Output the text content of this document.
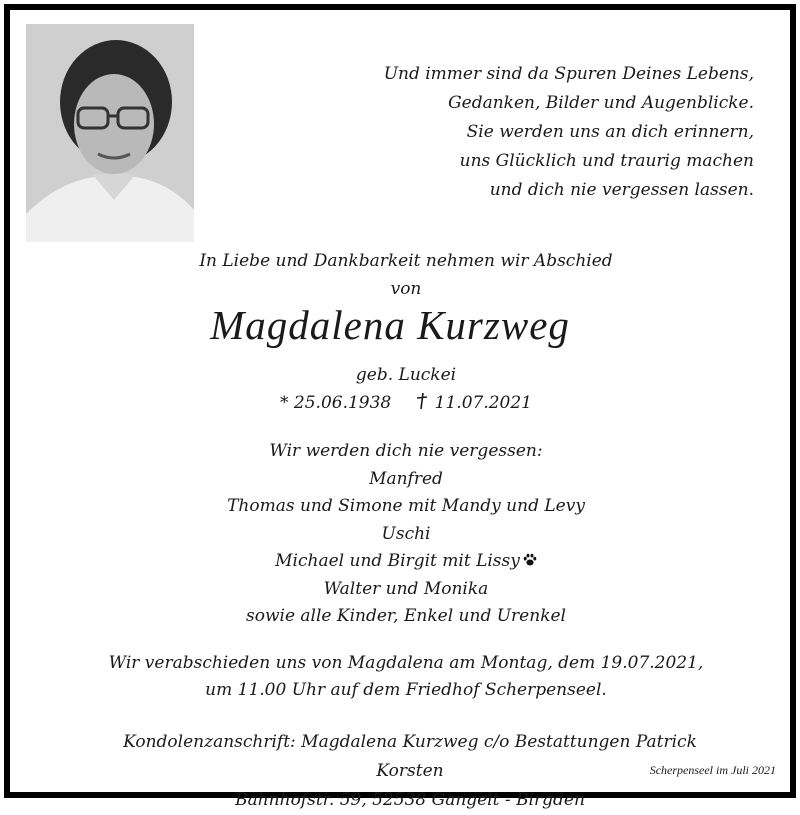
Und immer sind da Spuren Deines Lebens,
Gedanken, Bilder und Augenblicke.
Sie werden uns an dich erinnern,
uns Glücklich und traurig machen
und dich nie vergessen lassen.
In Liebe und Dankbarkeit nehmen wir Abschied
von
Magdalena Kurzweg
geb. Luckei
* 25.06.1938	11.07.2021
Wir werden dich nie vergessen:
Manfred
Thomas und Simone mit Mandy und Levy
Uschi
Michael und Birgit mit Lissy
Walter und Monika
sowie alle Kinder, Enkel und Urenkel
Wir verabschieden uns von Magdalena am Montag, dem 19.07.2021,
um 11.00 Uhr auf dem Friedhof Scherpenseel.
Kondolenzanschrift: Magdalena Kurzweg c/o Bestattungen Patrick Korsten
Bahnhofstr. 59, 52538 Gangelt - Birgden
Scherpenseel im Juli 2021
